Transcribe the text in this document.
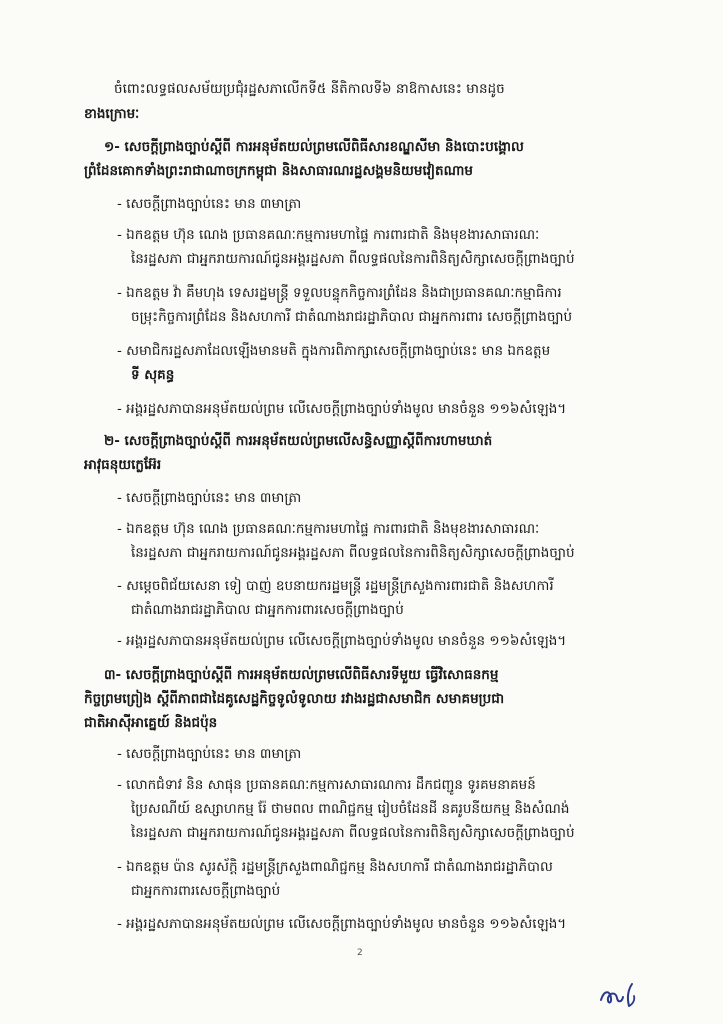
ចំពោះលទ្ធផលសម័យប្រជុំរដ្ឋសភាលើកទី៥ នីតិកាលទី៦ នាឱកាសនេះ មានដូច
ខាងក្រោមៈ
១- សេចក្តីព្រាងច្បាប់ស្តីពី ការអនុម័តយល់ព្រមលើពិធីសារខណ្ឌសីមា និងបោះបង្គោល
ព្រំដែនគោកទាំងព្រះរាជាណាចក្រកម្ពុជា និងសាធារណរដ្ឋសង្គមនិយមវៀតណាម
- សេចក្តីព្រាងច្បាប់នេះ មាន ៣មាត្រា
- ឯកឧត្តម ហ៊ុន ណេង ប្រធានគណៈកម្មការមហាផ្ទៃ ការពារជាតិ និងមុខងារសាធារណៈ
នៃរដ្ឋសភា ជាអ្នករាយការណ៍ជូនអង្គរដ្ឋសភា ពីលទ្ធផលនៃការពិនិត្យសិក្សាសេចក្តីព្រាងច្បាប់
- ឯកឧត្តម វ៉ា គឹមហុង ទេសរដ្ឋមន្ត្រី ទទួលបន្ទុកកិច្ចការព្រំដែន និងជាប្រធានគណៈកម្មាធិការ
ចម្រុះកិច្ចការព្រំដែន និងសហការី ជាតំណាងរាជរដ្ឋាភិបាល ជាអ្នកការពារ សេចក្តីព្រាងច្បាប់
- សមាជិករដ្ឋសភាដែលឡើងមានមតិ ក្នុងការពិភាក្សាសេចក្តីព្រាងច្បាប់នេះ មាន ឯកឧត្តម
ទី សុគន្ធ
- អង្គរដ្ឋសភាបានអនុម័តយល់ព្រម លើសេចក្តីព្រាងច្បាប់ទាំងមូល មានចំនួន ១១៦សំឡេង។
២- សេចក្តីព្រាងច្បាប់ស្តីពី ការអនុម័តយល់ព្រមលើសន្ធិសញ្ញាស្តីពីការហាមឃាត់
អាវុធនុយក្លេអ៊ែរ
- សេចក្តីព្រាងច្បាប់នេះ មាន ៣មាត្រា
- ឯកឧត្តម ហ៊ុន ណេង ប្រធានគណៈកម្មការមហាផ្ទៃ ការពារជាតិ និងមុខងារសាធារណៈ
នៃរដ្ឋសភា ជាអ្នករាយការណ៍ជូនអង្គរដ្ឋសភា ពីលទ្ធផលនៃការពិនិត្យសិក្សាសេចក្តីព្រាងច្បាប់
- សម្តេចពិជ័យសេនា ទៀ បាញ់ ឧបនាយករដ្ឋមន្ត្រី រដ្ឋមន្ត្រីក្រសួងការពារជាតិ និងសហការី
ជាតំណាងរាជរដ្ឋាភិបាល ជាអ្នកការពារសេចក្តីព្រាងច្បាប់
- អង្គរដ្ឋសភាបានអនុម័តយល់ព្រម លើសេចក្តីព្រាងច្បាប់ទាំងមូល មានចំនួន ១១៦សំឡេង។
៣- សេចក្តីព្រាងច្បាប់ស្តីពី ការអនុម័តយល់ព្រមលើពិធីសារទីមួយ ធ្វើវិសោធនកម្ម
កិច្ចព្រមព្រៀង ស្តីពីភាពជាដៃគូសេដ្ឋកិច្ចទូលំទូលាយ រវាងរដ្ឋជាសមាជិក សមាគមប្រជា
ជាតិអាស៊ីអាគ្នេយ៍ និងជប៉ុន
- សេចក្តីព្រាងច្បាប់នេះ មាន ៣មាត្រា
- លោកជំទាវ និន សាផុន ប្រធានគណៈកម្មការសាធារណការ ដឹកជញ្ជូន ទូរគមនាគមន៍
ប្រៃសណីយ៍ ឧស្សាហកម្ម រ៉ែ ថាមពល ពាណិជ្ជកម្ម រៀបចំដែនដី នគរូបនីយកម្ម និងសំណង់
នៃរដ្ឋសភា ជាអ្នករាយការណ៍ជូនអង្គរដ្ឋសភា ពីលទ្ធផលនៃការពិនិត្យសិក្សាសេចក្តីព្រាងច្បាប់
- ឯកឧត្តម ប៉ាន សូរស័ក្តិ រដ្ឋមន្ត្រីក្រសួងពាណិជ្ជកម្ម និងសហការី ជាតំណាងរាជរដ្ឋាភិបាល
ជាអ្នកការពារសេចក្តីព្រាងច្បាប់
- អង្គរដ្ឋសភាបានអនុម័តយល់ព្រម លើសេចក្តីព្រាងច្បាប់ទាំងមូល មានចំនួន ១១៦សំឡេង។
2
